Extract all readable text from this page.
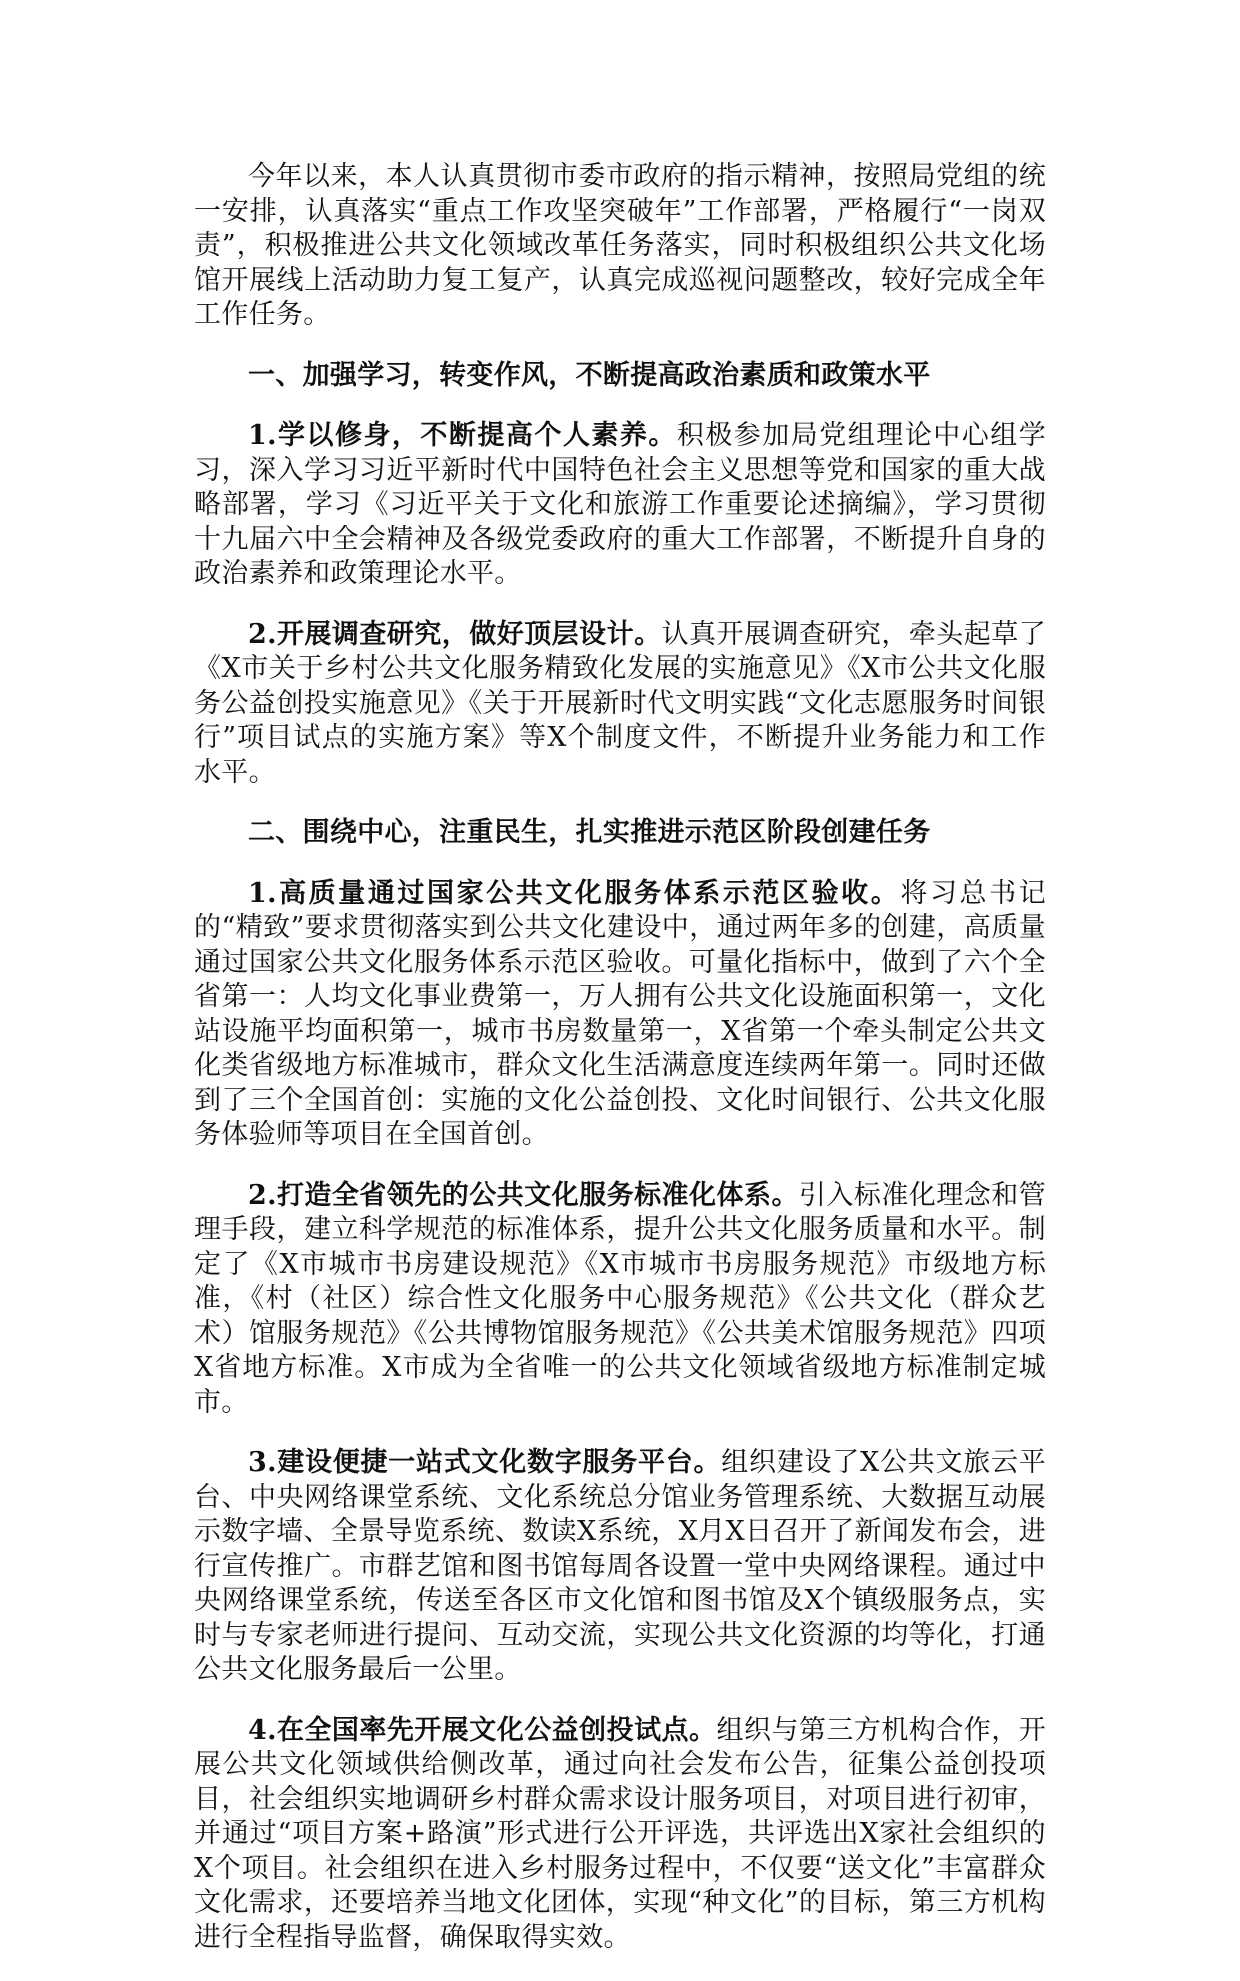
今年以来，本人认真贯彻市委市政府的指示精神，按照局党组的统一安排，认真落实“重点工作攻坚突破年”工作部署，严格履行“一岗双责”，积极推进公共文化领域改革任务落实，同时积极组织公共文化场馆开展线上活动助力复工复产，认真完成巡视问题整改，较好完成全年工作任务。

一、加强学习，转变作风，不断提高政治素质和政策水平

1.学以修身，不断提高个人素养。积极参加局党组理论中心组学习，深入学习习近平新时代中国特色社会主义思想等党和国家的重大战略部署，学习《习近平关于文化和旅游工作重要论述摘编》，学习贯彻十九届六中全会精神及各级党委政府的重大工作部署，不断提升自身的政治素养和政策理论水平。

2.开展调查研究，做好顶层设计。认真开展调查研究，牵头起草了《X市关于乡村公共文化服务精致化发展的实施意见》《X市公共文化服务公益创投实施意见》《关于开展新时代文明实践“文化志愿服务时间银行”项目试点的实施方案》等X个制度文件，不断提升业务能力和工作水平。

二、围绕中心，注重民生，扎实推进示范区阶段创建任务

1.高质量通过国家公共文化服务体系示范区验收。将习总书记的“精致”要求贯彻落实到公共文化建设中，通过两年多的创建，高质量通过国家公共文化服务体系示范区验收。可量化指标中，做到了六个全省第一：人均文化事业费第一，万人拥有公共文化设施面积第一，文化站设施平均面积第一，城市书房数量第一，X省第一个牵头制定公共文化类省级地方标准城市，群众文化生活满意度连续两年第一。同时还做到了三个全国首创：实施的文化公益创投、文化时间银行、公共文化服务体验师等项目在全国首创。

2.打造全省领先的公共文化服务标准化体系。引入标准化理念和管理手段，建立科学规范的标准体系，提升公共文化服务质量和水平。制定了《X市城市书房建设规范》《X市城市书房服务规范》市级地方标准，《村（社区）综合性文化服务中心服务规范》《公共文化（群众艺术）馆服务规范》《公共博物馆服务规范》《公共美术馆服务规范》四项X省地方标准。X市成为全省唯一的公共文化领域省级地方标准制定城市。

3.建设便捷一站式文化数字服务平台。组织建设了X公共文旅云平台、中央网络课堂系统、文化系统总分馆业务管理系统、大数据互动展示数字墙、全景导览系统、数读X系统，X月X日召开了新闻发布会，进行宣传推广。市群艺馆和图书馆每周各设置一堂中央网络课程。通过中央网络课堂系统，传送至各区市文化馆和图书馆及X个镇级服务点，实时与专家老师进行提问、互动交流，实现公共文化资源的均等化，打通公共文化服务最后一公里。

4.在全国率先开展文化公益创投试点。组织与第三方机构合作，开展公共文化领域供给侧改革，通过向社会发布公告，征集公益创投项目，社会组织实地调研乡村群众需求设计服务项目，对项目进行初审，并通过“项目方案+路演”形式进行公开评选，共评选出X家社会组织的X个项目。社会组织在进入乡村服务过程中，不仅要“送文化”丰富群众文化需求，还要培养当地文化团体，实现“种文化”的目标，第三方机构进行全程指导监督，确保取得实效。
